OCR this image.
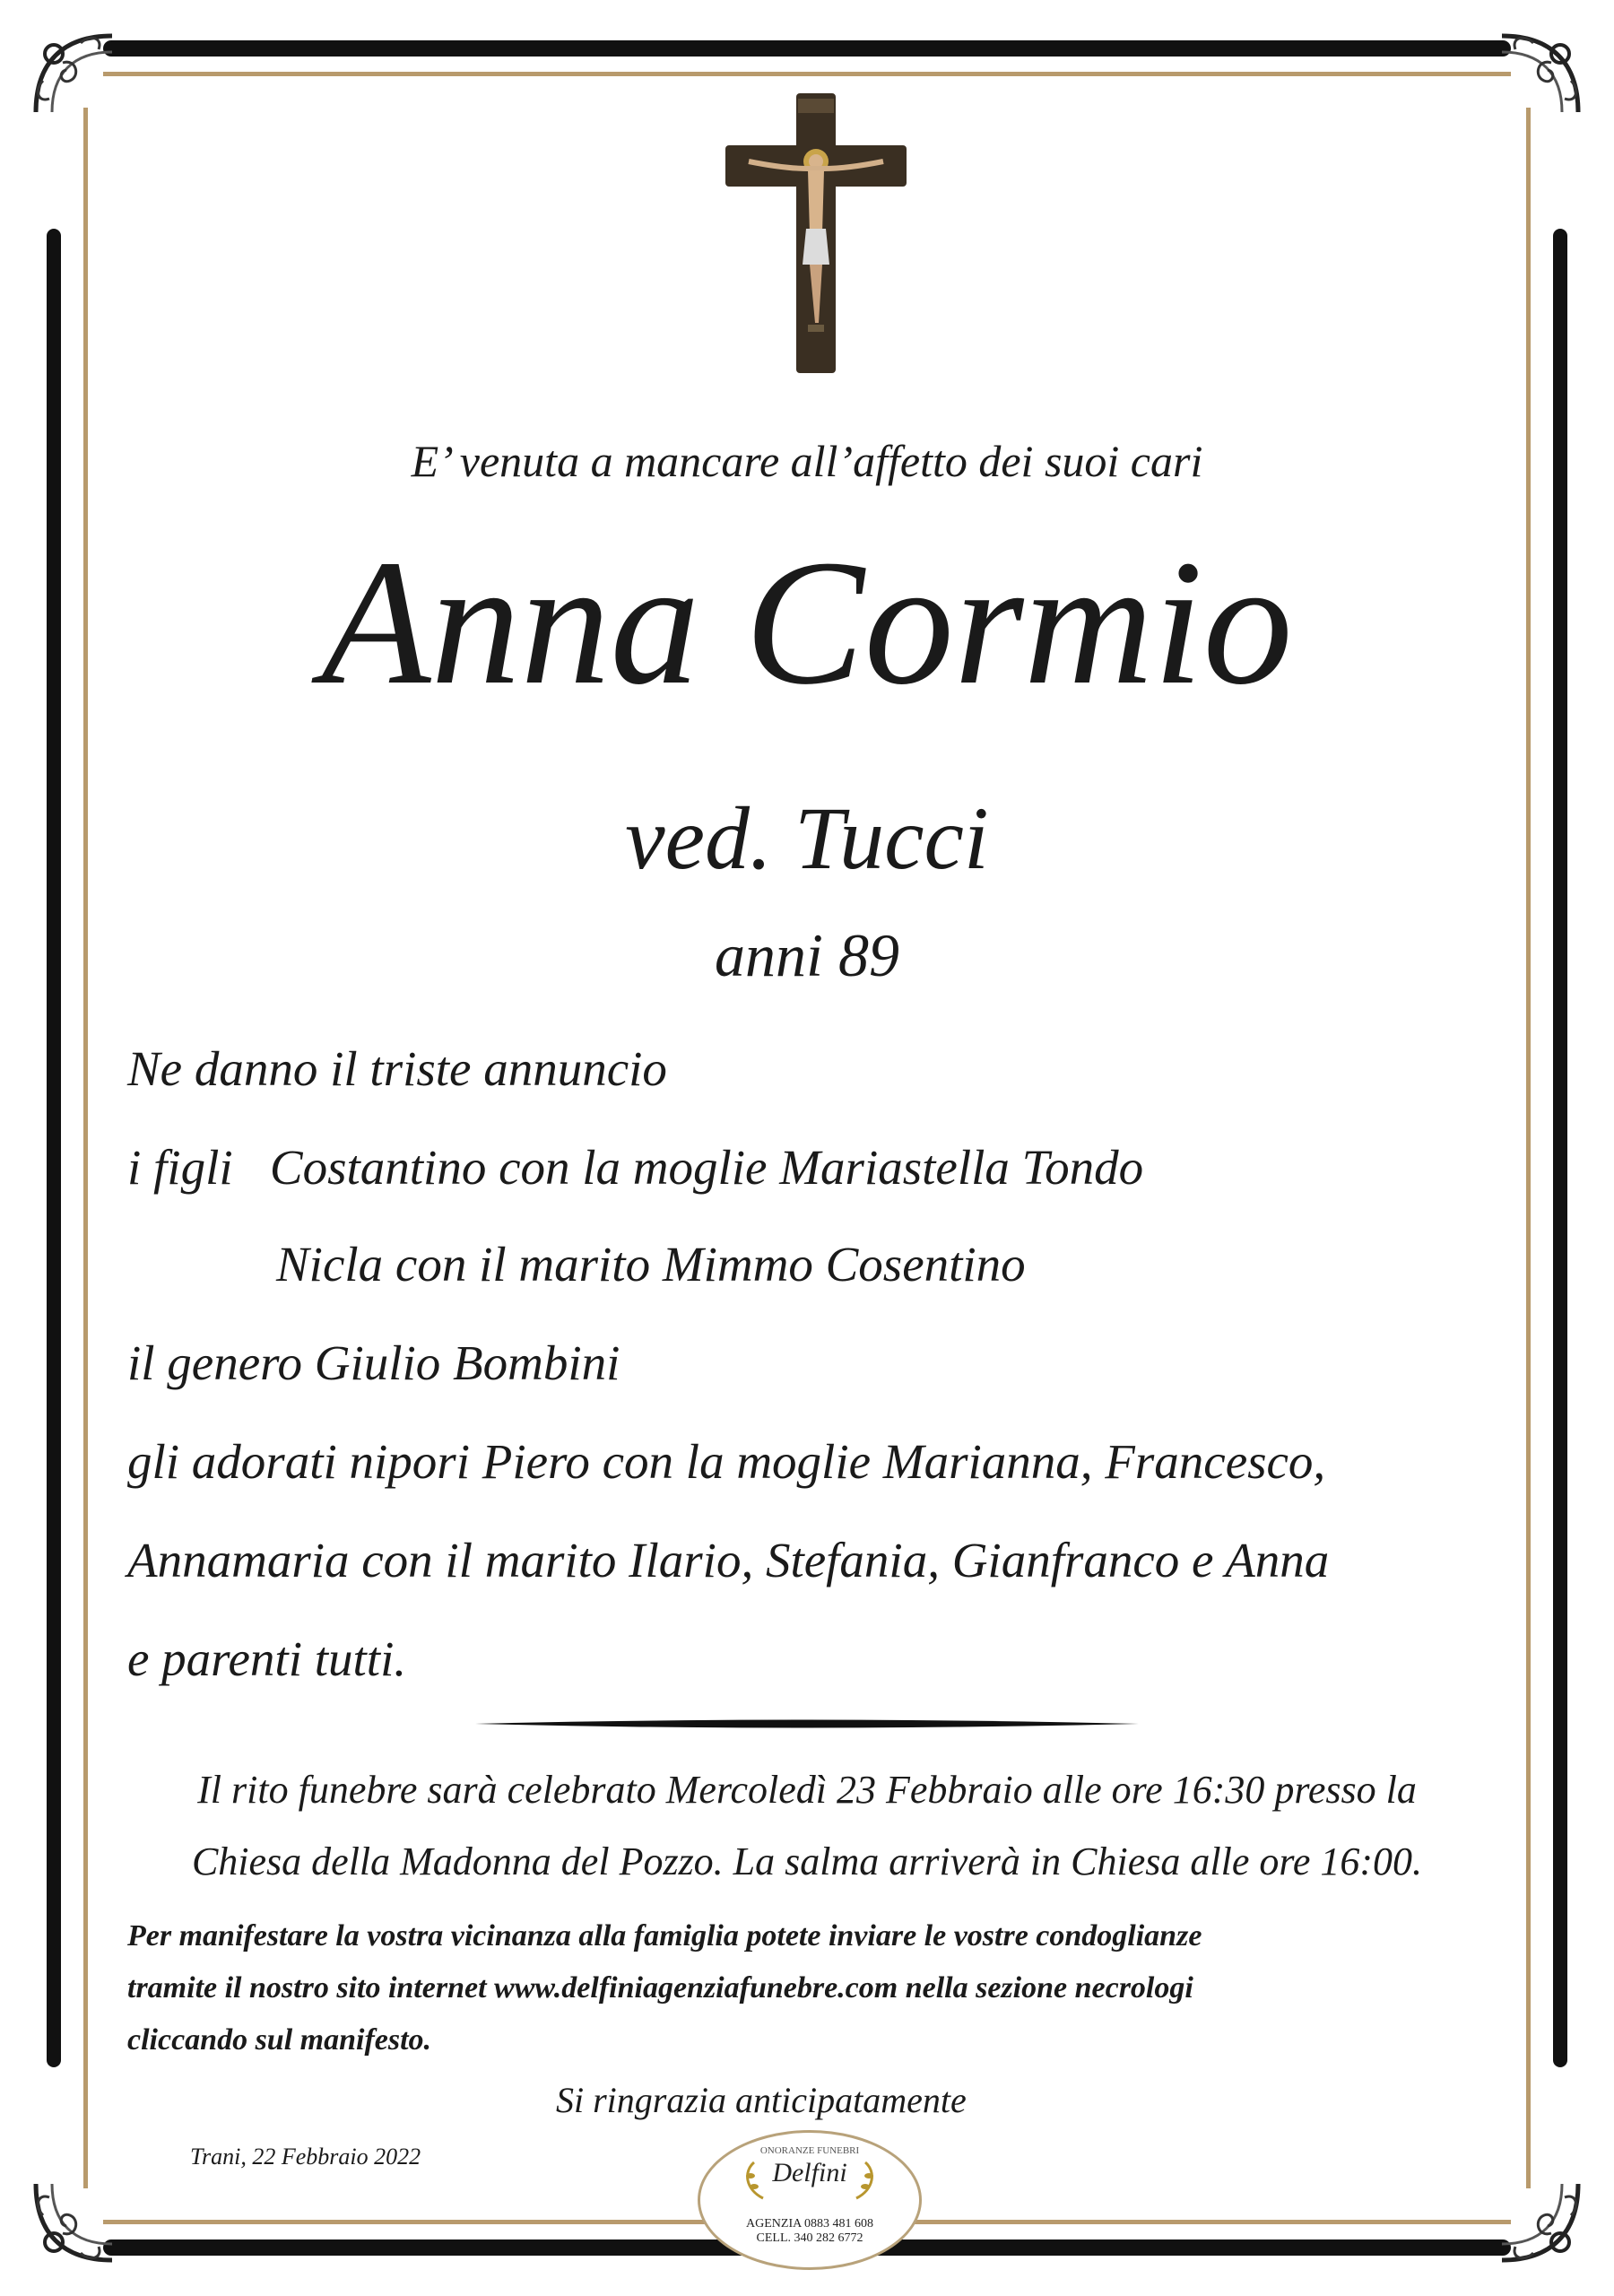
E’ venuta a mancare all’affetto dei suoi cari
Anna Cormio
ved. Tucci
anni 89
Ne danno il triste annuncio
i figli   Costantino con la moglie Mariastella Tondo
Nicla con il marito Mimmo Cosentino
il genero Giulio Bombini
gli adorati nipori Piero con la moglie Marianna, Francesco,
Annamaria con il marito Ilario, Stefania, Gianfranco e Anna
e parenti tutti.
Il rito funebre sarà celebrato Mercoledì 23 Febbraio alle ore 16:30 presso la
Chiesa della Madonna del Pozzo. La salma arriverà in Chiesa alle ore 16:00.
Per manifestare la vostra vicinanza alla famiglia potete inviare le vostre condoglianze
tramite il nostro sito internet www.delfiniagenziafunebre.com nella sezione necrologi
cliccando sul manifesto.
Si ringrazia anticipatamente
Trani, 22 Febbraio 2022	ONORANZE FUNEBRI
Delfini
AGENZIA 0883 481 608
CELL. 340 282 6772
